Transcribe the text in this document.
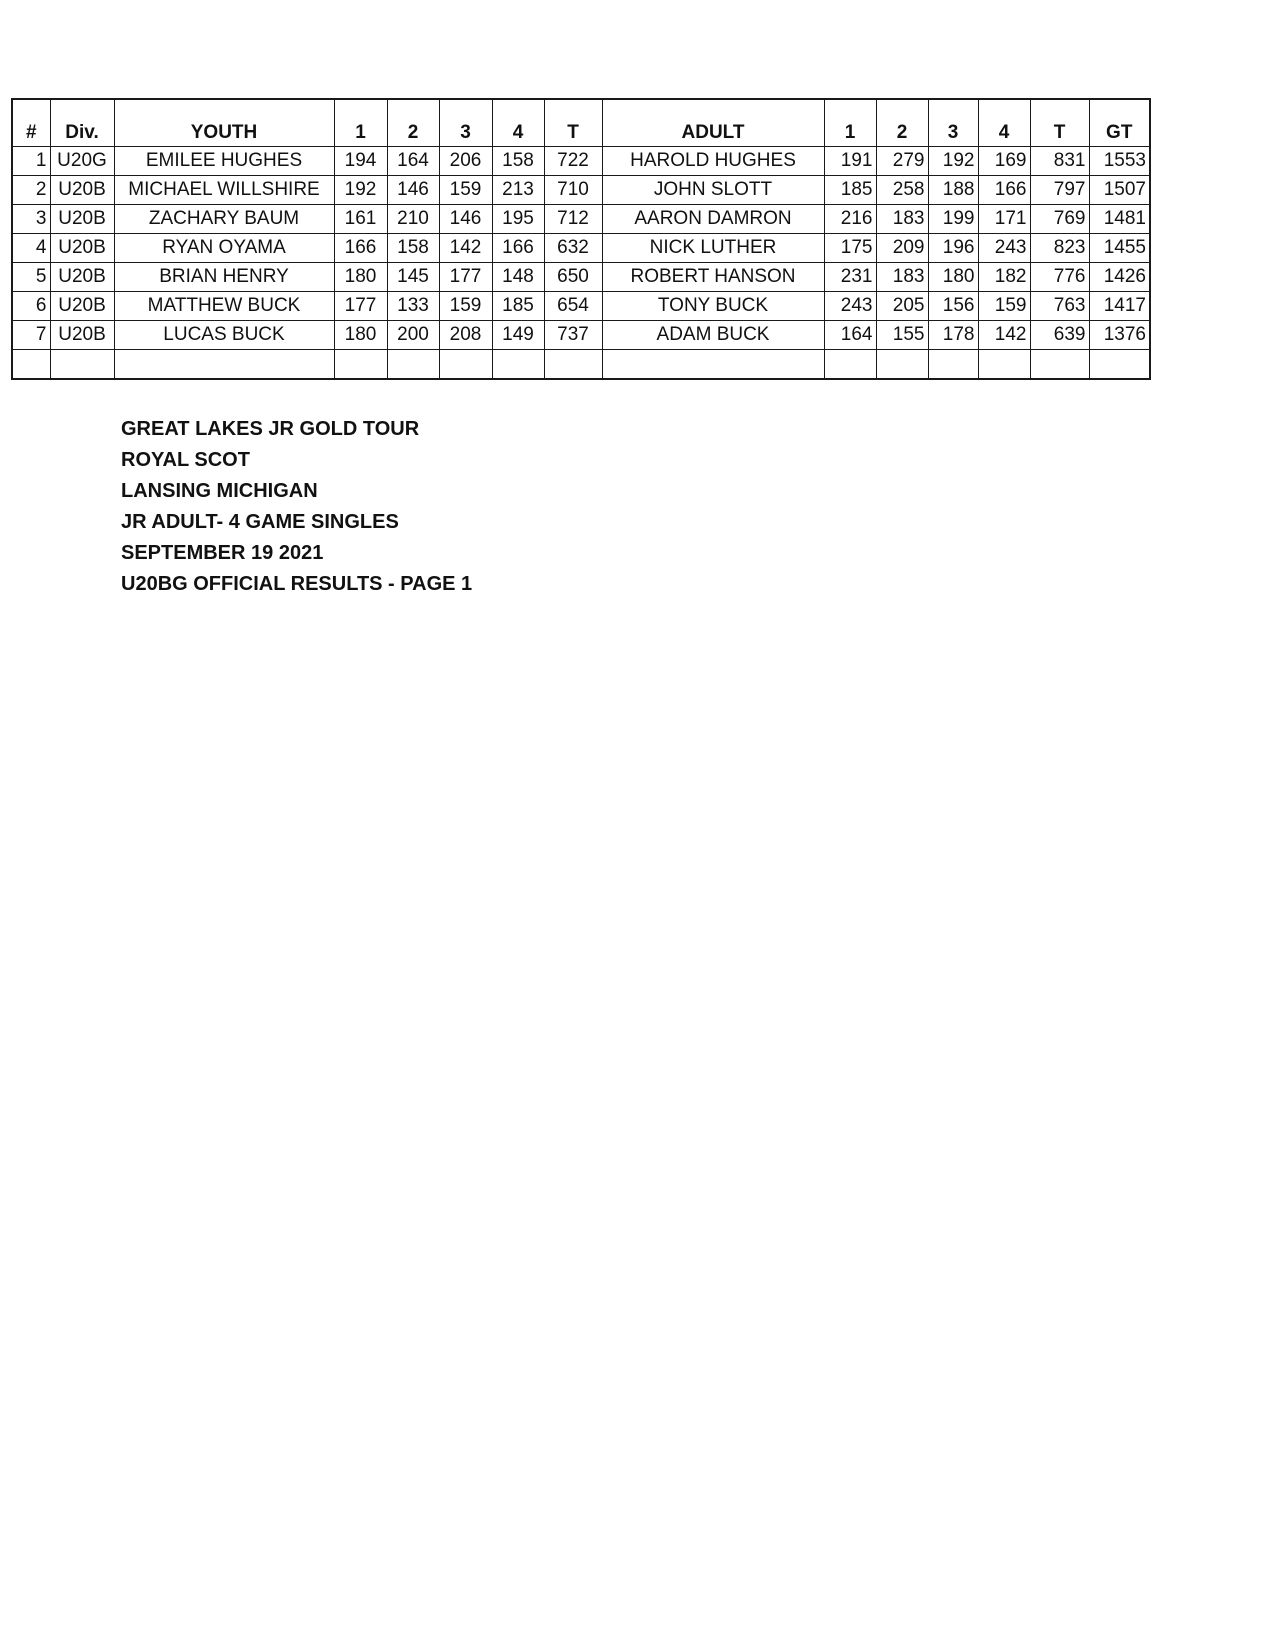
#	Div.	YOUTH	1	2	3	4	T	ADULT	1	2	3	4	T	GT
1	U20G	EMILEE HUGHES	194	164	206	158	722	HAROLD HUGHES	191	279	192	169	831	1553
2	U20B	MICHAEL WILLSHIRE	192	146	159	213	710	JOHN SLOTT	185	258	188	166	797	1507
3	U20B	ZACHARY BAUM	161	210	146	195	712	AARON DAMRON	216	183	199	171	769	1481
4	U20B	RYAN OYAMA	166	158	142	166	632	NICK LUTHER	175	209	196	243	823	1455
5	U20B	BRIAN HENRY	180	145	177	148	650	ROBERT HANSON	231	183	180	182	776	1426
6	U20B	MATTHEW BUCK	177	133	159	185	654	TONY BUCK	243	205	156	159	763	1417
7	U20B	LUCAS BUCK	180	200	208	149	737	ADAM BUCK	164	155	178	142	639	1376

GREAT LAKES JR GOLD TOUR
ROYAL SCOT
LANSING MICHIGAN
JR ADULT- 4 GAME SINGLES
SEPTEMBER 19 2021
U20BG OFFICIAL RESULTS - PAGE 1
